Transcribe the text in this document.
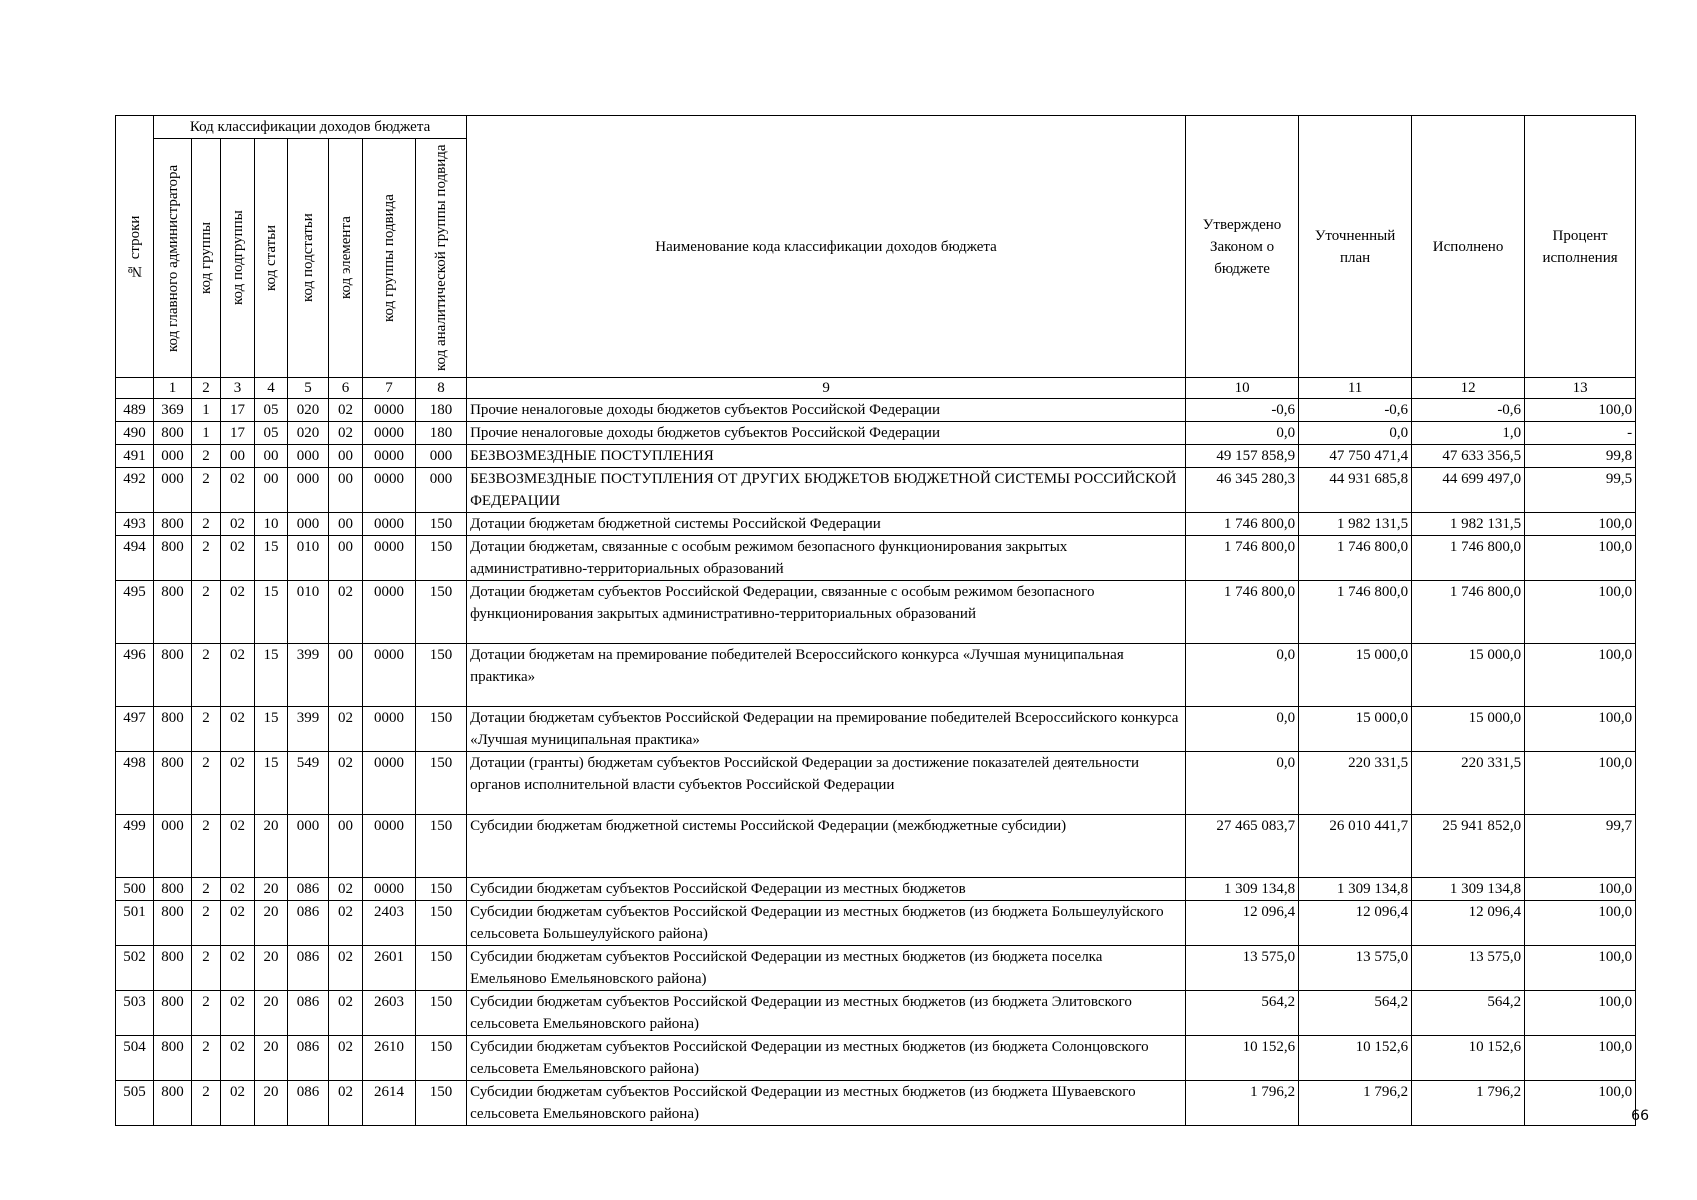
№ строки	Код классификации доходов бюджета								Наименование кода классификации доходов бюджета	Утверждено Законом о бюджете	Уточненный план	Исполнено	Процент исполнения

	код главного администратора	код группы	код подгруппы	код статьи	код подстатьи	код элемента	код группы подвида	код аналитической группы подвида					

	1	2	3	4	5	6	7	8	9	10	11	12	13
489	369	1	17	05	020	02	0000	180	Прочие неналоговые доходы бюджетов субъектов Российской Федерации	-0,6	-0,6	-0,6	100,0
490	800	1	17	05	020	02	0000	180	Прочие неналоговые доходы бюджетов субъектов Российской Федерации	0,0	0,0	1,0	-
491	000	2	00	00	000	00	0000	000	БЕЗВОЗМЕЗДНЫЕ ПОСТУПЛЕНИЯ	49 157 858,9	47 750 471,4	47 633 356,5	99,8
492	000	2	02	00	000	00	0000	000	БЕЗВОЗМЕЗДНЫЕ ПОСТУПЛЕНИЯ ОТ ДРУГИХ БЮДЖЕТОВ БЮДЖЕТНОЙ СИСТЕМЫ РОССИЙСКОЙ ФЕДЕРАЦИИ	46 345 280,3	44 931 685,8	44 699 497,0	99,5
493	800	2	02	10	000	00	0000	150	Дотации бюджетам бюджетной системы Российской Федерации	1 746 800,0	1 982 131,5	1 982 131,5	100,0
494	800	2	02	15	010	00	0000	150	Дотации бюджетам, связанные с особым режимом безопасного функционирования закрытых административно-территориальных образований	1 746 800,0	1 746 800,0	1 746 800,0	100,0
495	800	2	02	15	010	02	0000	150	Дотации бюджетам субъектов Российской Федерации, связанные с особым режимом безопасного функционирования закрытых административно-территориальных образований	1 746 800,0	1 746 800,0	1 746 800,0	100,0
496	800	2	02	15	399	00	0000	150	Дотации бюджетам на премирование победителей Всероссийского конкурса «Лучшая муниципальная практика»	0,0	15 000,0	15 000,0	100,0
497	800	2	02	15	399	02	0000	150	Дотации бюджетам субъектов Российской Федерации на премирование победителей Всероссийского конкурса «Лучшая муниципальная практика»	0,0	15 000,0	15 000,0	100,0
498	800	2	02	15	549	02	0000	150	Дотации (гранты) бюджетам субъектов Российской Федерации за достижение показателей деятельности органов исполнительной власти субъектов Российской Федерации	0,0	220 331,5	220 331,5	100,0
499	000	2	02	20	000	00	0000	150	Субсидии бюджетам бюджетной системы Российской Федерации (межбюджетные субсидии)	27 465 083,7	26 010 441,7	25 941 852,0	99,7
500	800	2	02	20	086	02	0000	150	Субсидии бюджетам субъектов Российской Федерации из местных бюджетов	1 309 134,8	1 309 134,8	1 309 134,8	100,0
501	800	2	02	20	086	02	2403	150	Субсидии бюджетам субъектов Российской Федерации из местных бюджетов (из бюджета Большеулуйского сельсовета Большеулуйского района)	12 096,4	12 096,4	12 096,4	100,0
502	800	2	02	20	086	02	2601	150	Субсидии бюджетам субъектов Российской Федерации из местных бюджетов (из бюджета поселка Емельяново Емельяновского района)	13 575,0	13 575,0	13 575,0	100,0
503	800	2	02	20	086	02	2603	150	Субсидии бюджетам субъектов Российской Федерации из местных бюджетов (из бюджета Элитовского сельсовета Емельяновского района)	564,2	564,2	564,2	100,0
504	800	2	02	20	086	02	2610	150	Субсидии бюджетам субъектов Российской Федерации из местных бюджетов (из бюджета Солонцовского сельсовета Емельяновского района)	10 152,6	10 152,6	10 152,6	100,0
505	800	2	02	20	086	02	2614	150	Субсидии бюджетам субъектов Российской Федерации из местных бюджетов (из бюджета Шуваевского сельсовета Емельяновского района)	1 796,2	1 796,2	1 796,2	100,0
66
